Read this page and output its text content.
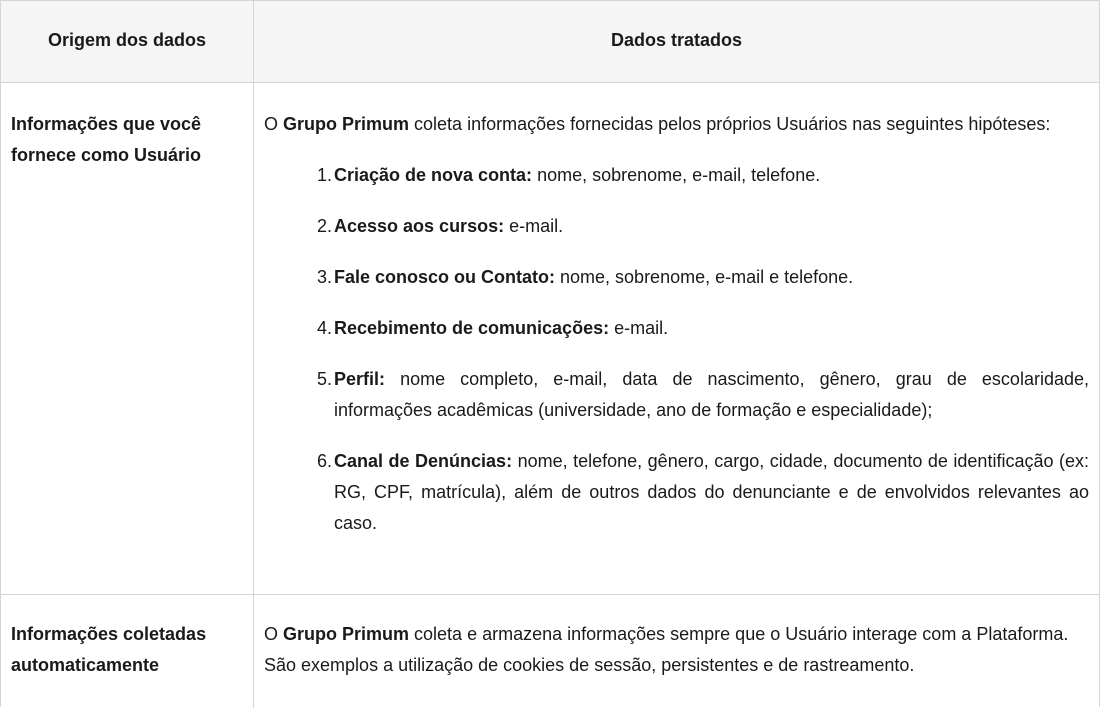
Origem dos dados	Dados tratados
Informações que você fornece como Usuário

O Grupo Primum coleta informações fornecidas pelos próprios Usuários nas seguintes hipóteses:

1. Criação de nova conta: nome, sobrenome, e-mail, telefone.
2. Acesso aos cursos: e-mail.
3. Fale conosco ou Contato: nome, sobrenome, e-mail e telefone.
4. Recebimento de comunicações: e-mail.
5. Perfil: nome completo, e-mail, data de nascimento, gênero, grau de escolaridade, informações acadêmicas (universidade, ano de formação e especialidade);
6. Canal de Denúncias: nome, telefone, gênero, cargo, cidade, documento de identificação (ex: RG, CPF, matrícula), além de outros dados do denunciante e de envolvidos relevantes ao caso.
Informações coletadas automaticamente

O Grupo Primum coleta e armazena informações sempre que o Usuário interage com a Plataforma. São exemplos a utilização de cookies de sessão, persistentes e de rastreamento.
